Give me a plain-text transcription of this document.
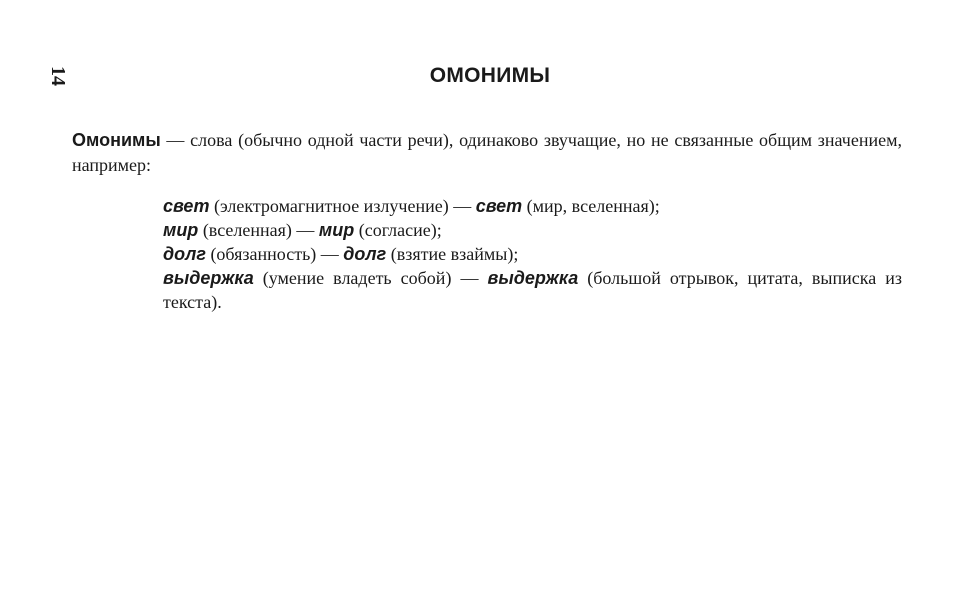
14	ОМОНИМЫ

Омонимы — слова (обычно одной части речи), одинаково звучащие, но не связанные общим значением, например:

свет (электромагнитное излучение) — свет (мир, вселенная);
мир (вселенная) — мир (согласие);
долг (обязанность) — долг (взятие взаймы);
выдержка (умение владеть собой) — выдержка (большой отрывок, цитата, выписка из текста).
